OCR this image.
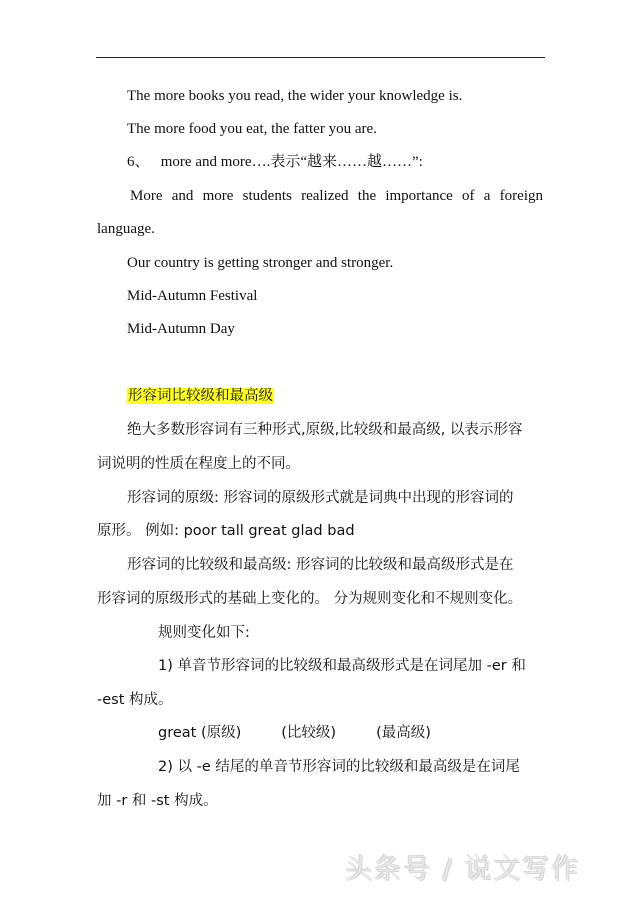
The more books you read, the wider your knowledge is.
The more food you eat, the fatter you are.
6、 more and more….表示“越来……越……”:
More and more students realized the importance of a foreign
language.
Our country is getting stronger and stronger.
Mid-Autumn Festival
Mid-Autumn Day
形容词比较级和最高级
绝大多数形容词有三种形式,原级,比较级和最高级, 以表示形容
词说明的性质在程度上的不同。
形容词的原级: 形容词的原级形式就是词典中出现的形容词的
原形。 例如: poor tall great glad bad
形容词的比较级和最高级: 形容词的比较级和最高级形式是在
形容词的原级形式的基础上变化的。 分为规则变化和不规则变化。
规则变化如下:
1) 单音节形容词的比较级和最高级形式是在词尾加 -er 和
-est 构成。
great (原级)	(比较级)	(最高级)
2) 以 -e 结尾的单音节形容词的比较级和最高级是在词尾
加 -r 和 -st 构成。
头条号 / 说文写作
